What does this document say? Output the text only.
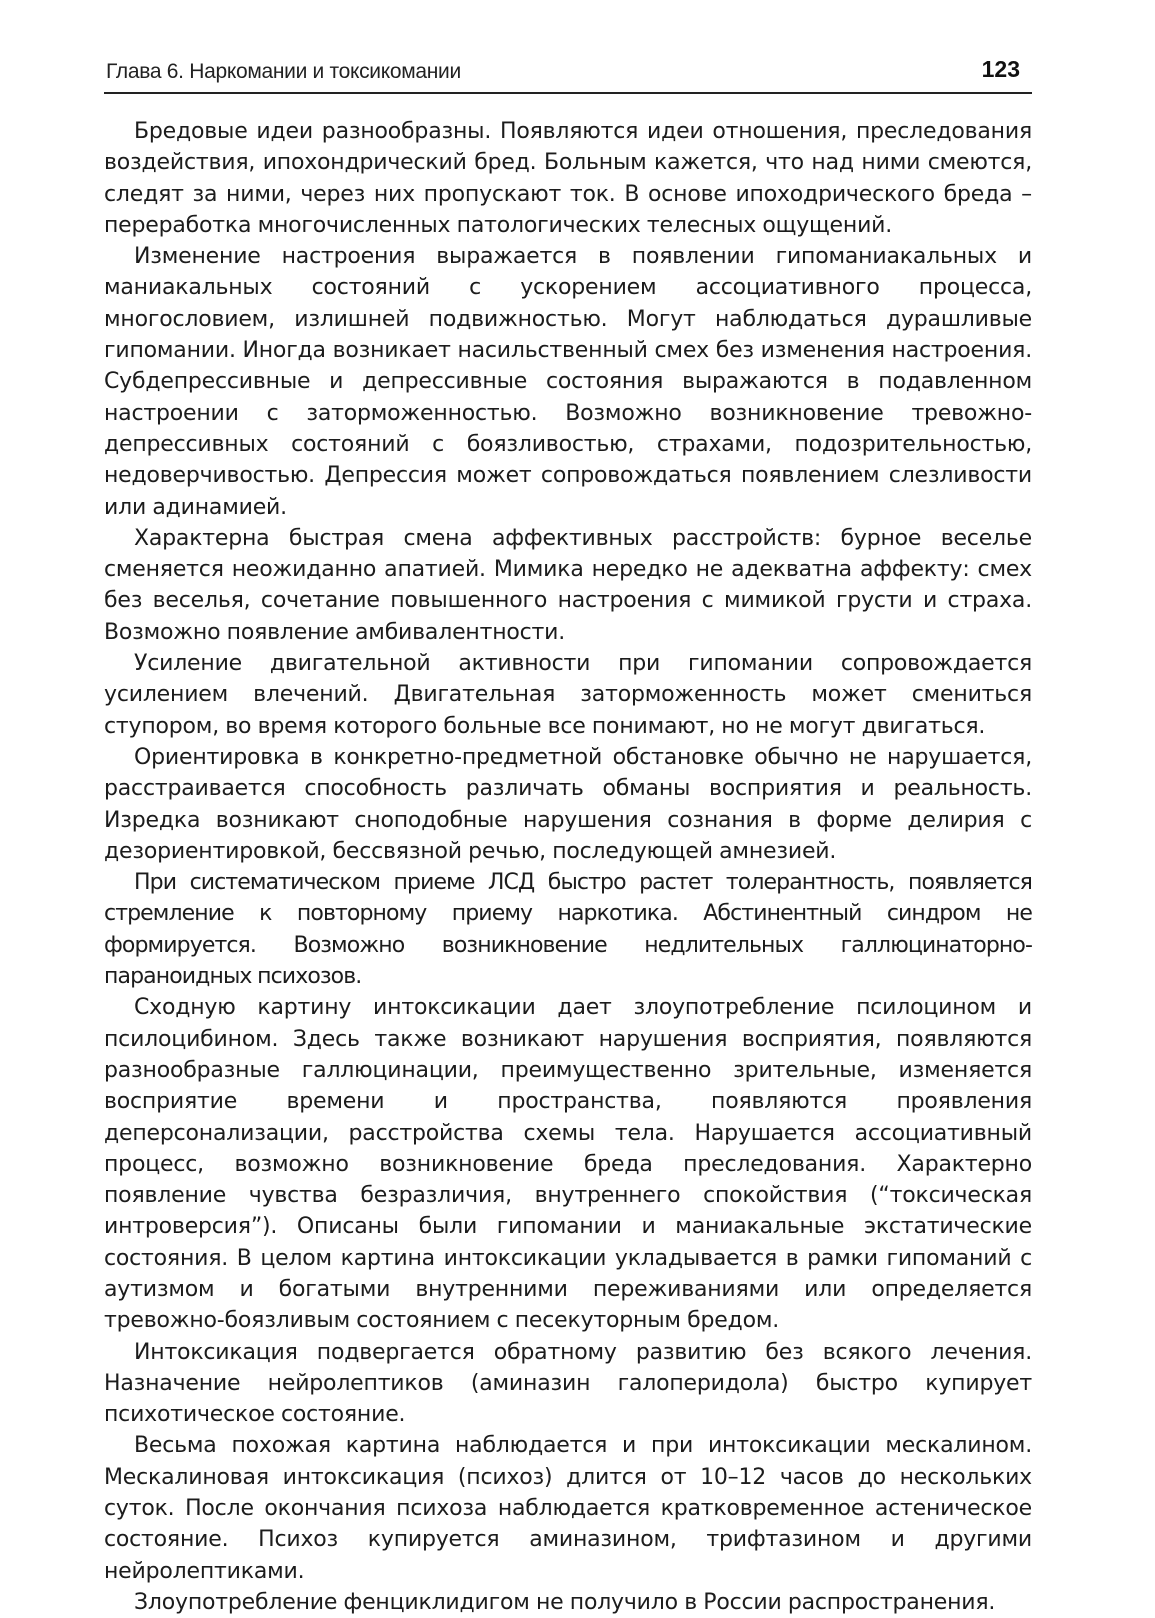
Глава 6. Наркомании и токсикомании	123

Бредовые идеи разнообразны. Появляются идеи отношения, преследования воздействия, ипохондрический бред. Больным кажется, что над ними смеются, следят за ними, через них пропускают ток. В основе ипоходрического бреда – переработка многочисленных патологических телесных ощущений.

Изменение настроения выражается в появлении гипоманиакальных и маниакальных состояний с ускорением ассоциативного процесса, многословием, излишней подвижностью. Могут наблюдаться дурашливые гипомании. Иногда возникает насильственный смех без изменения настроения. Субдепрессивные и депрессивные состояния выражаются в подавленном настроении с заторможенностью. Возможно возникновение тревожно-депрессивных состояний с боязливостью, страхами, подозрительностью, недоверчивостью. Депрессия может сопровождаться появлением слезливости или адинамией.

Характерна быстрая смена аффективных расстройств: бурное веселье сменяется неожиданно апатией. Мимика нередко не адекватна аффекту: смех без веселья, сочетание повышенного настроения с мимикой грусти и страха. Возможно появление амбивалентности.

Усиление двигательной активности при гипомании сопровождается усилением влечений. Двигательная заторможенность может смениться ступором, во время которого больные все понимают, но не могут двигаться.

Ориентировка в конкретно-предметной обстановке обычно не нарушается, расстраивается способность различать обманы восприятия и реальность. Изредка возникают сноподобные нарушения сознания в форме делирия с дезориентировкой, бессвязной речью, последующей амнезией.

При систематическом приеме ЛСД быстро растет толерантность, появляется стремление к повторному приему наркотика. Абстинентный синдром не формируется. Возможно возникновение недлительных галлюцинаторно-параноидных психозов.

Сходную картину интоксикации дает злоупотребление псилоцином и псилоцибином. Здесь также возникают нарушения восприятия, появляются разнообразные галлюцинации, преимущественно зрительные, изменяется восприятие времени и пространства, появляются проявления деперсонализации, расстройства схемы тела. Нарушается ассоциативный процесс, возможно возникновение бреда преследования. Характерно появление чувства безразличия, внутреннего спокойствия (“токсическая интроверсия”). Описаны были гипомании и маниакальные экстатические состояния. В целом картина интоксикации укладывается в рамки гипоманий с аутизмом и богатыми внутренними переживаниями или определяется тревожно-боязливым состоянием с песекуторным бредом.

Интоксикация подвергается обратному развитию без всякого лечения. Назначение нейролептиков (аминазин галоперидола) быстро купирует психотическое состояние.

Весьма похожая картина наблюдается и при интоксикации мескалином. Мескалиновая интоксикация (психоз) длится от 10–12 часов до нескольких суток. После окончания психоза наблюдается кратковременное астеническое состояние. Психоз купируется аминазином, трифтазином и другими нейролептиками.

Злоупотребление фенциклидигом не получило в России распространения.
